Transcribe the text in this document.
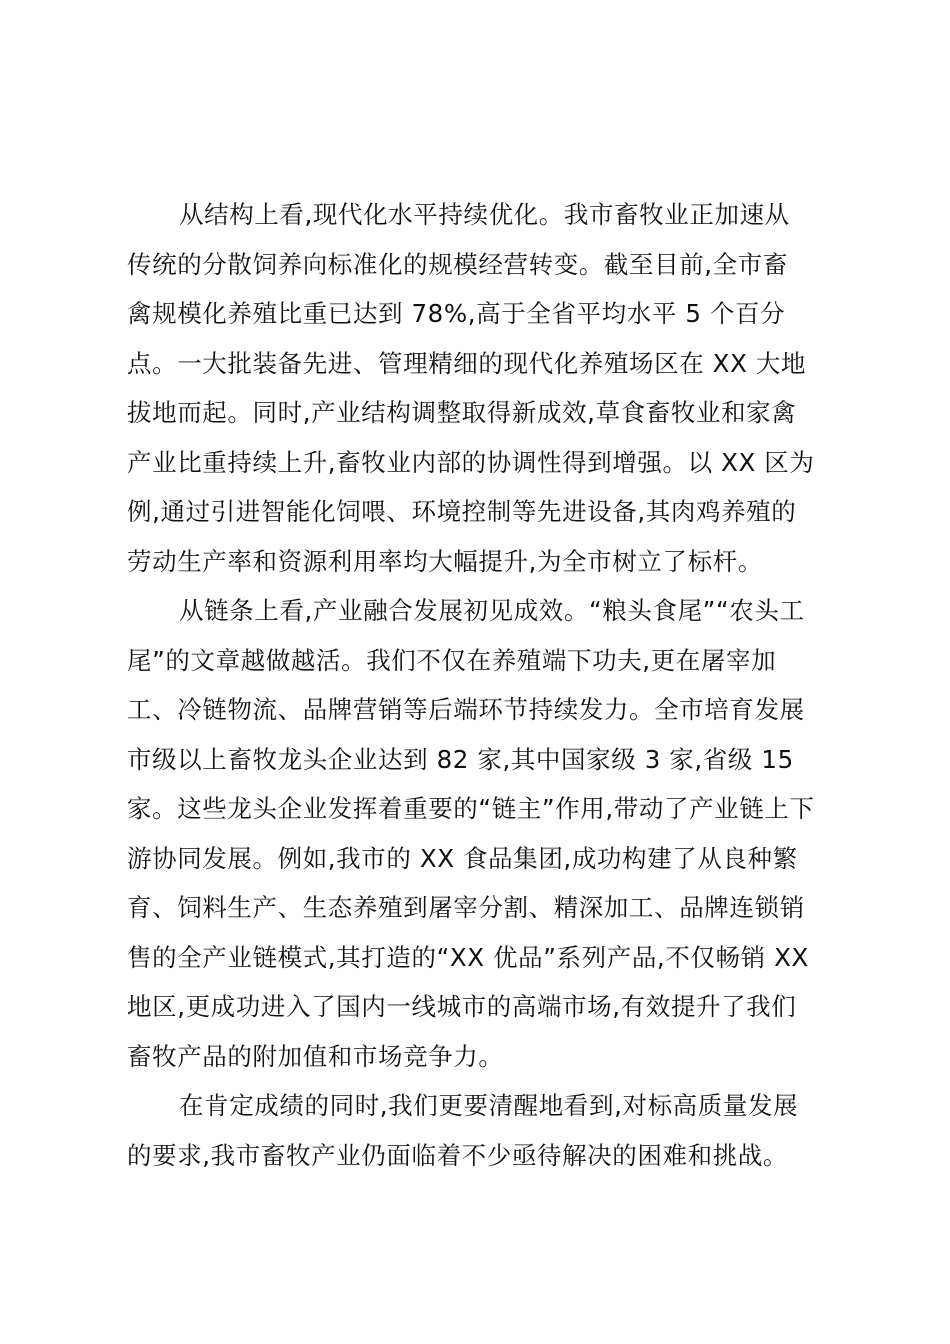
从结构上看,现代化水平持续优化。我市畜牧业正加速从
传统的分散饲养向标准化的规模经营转变。截至目前,全市畜
禽规模化养殖比重已达到 78%,高于全省平均水平 5 个百分
点。一大批装备先进、管理精细的现代化养殖场区在 XX 大地
拔地而起。同时,产业结构调整取得新成效,草食畜牧业和家禽
产业比重持续上升,畜牧业内部的协调性得到增强。以 XX 区为
例,通过引进智能化饲喂、环境控制等先进设备,其肉鸡养殖的
劳动生产率和资源利用率均大幅提升,为全市树立了标杆。

从链条上看,产业融合发展初见成效。“粮头食尾”“农头工
尾”的文章越做越活。我们不仅在养殖端下功夫,更在屠宰加
工、冷链物流、品牌营销等后端环节持续发力。全市培育发展
市级以上畜牧龙头企业达到 82 家,其中国家级 3 家,省级 15
家。这些龙头企业发挥着重要的“链主”作用,带动了产业链上下
游协同发展。例如,我市的 XX 食品集团,成功构建了从良种繁
育、饲料生产、生态养殖到屠宰分割、精深加工、品牌连锁销
售的全产业链模式,其打造的“XX 优品”系列产品,不仅畅销 XX
地区,更成功进入了国内一线城市的高端市场,有效提升了我们
畜牧产品的附加值和市场竞争力。

在肯定成绩的同时,我们更要清醒地看到,对标高质量发展
的要求,我市畜牧产业仍面临着不少亟待解决的困难和挑战。
